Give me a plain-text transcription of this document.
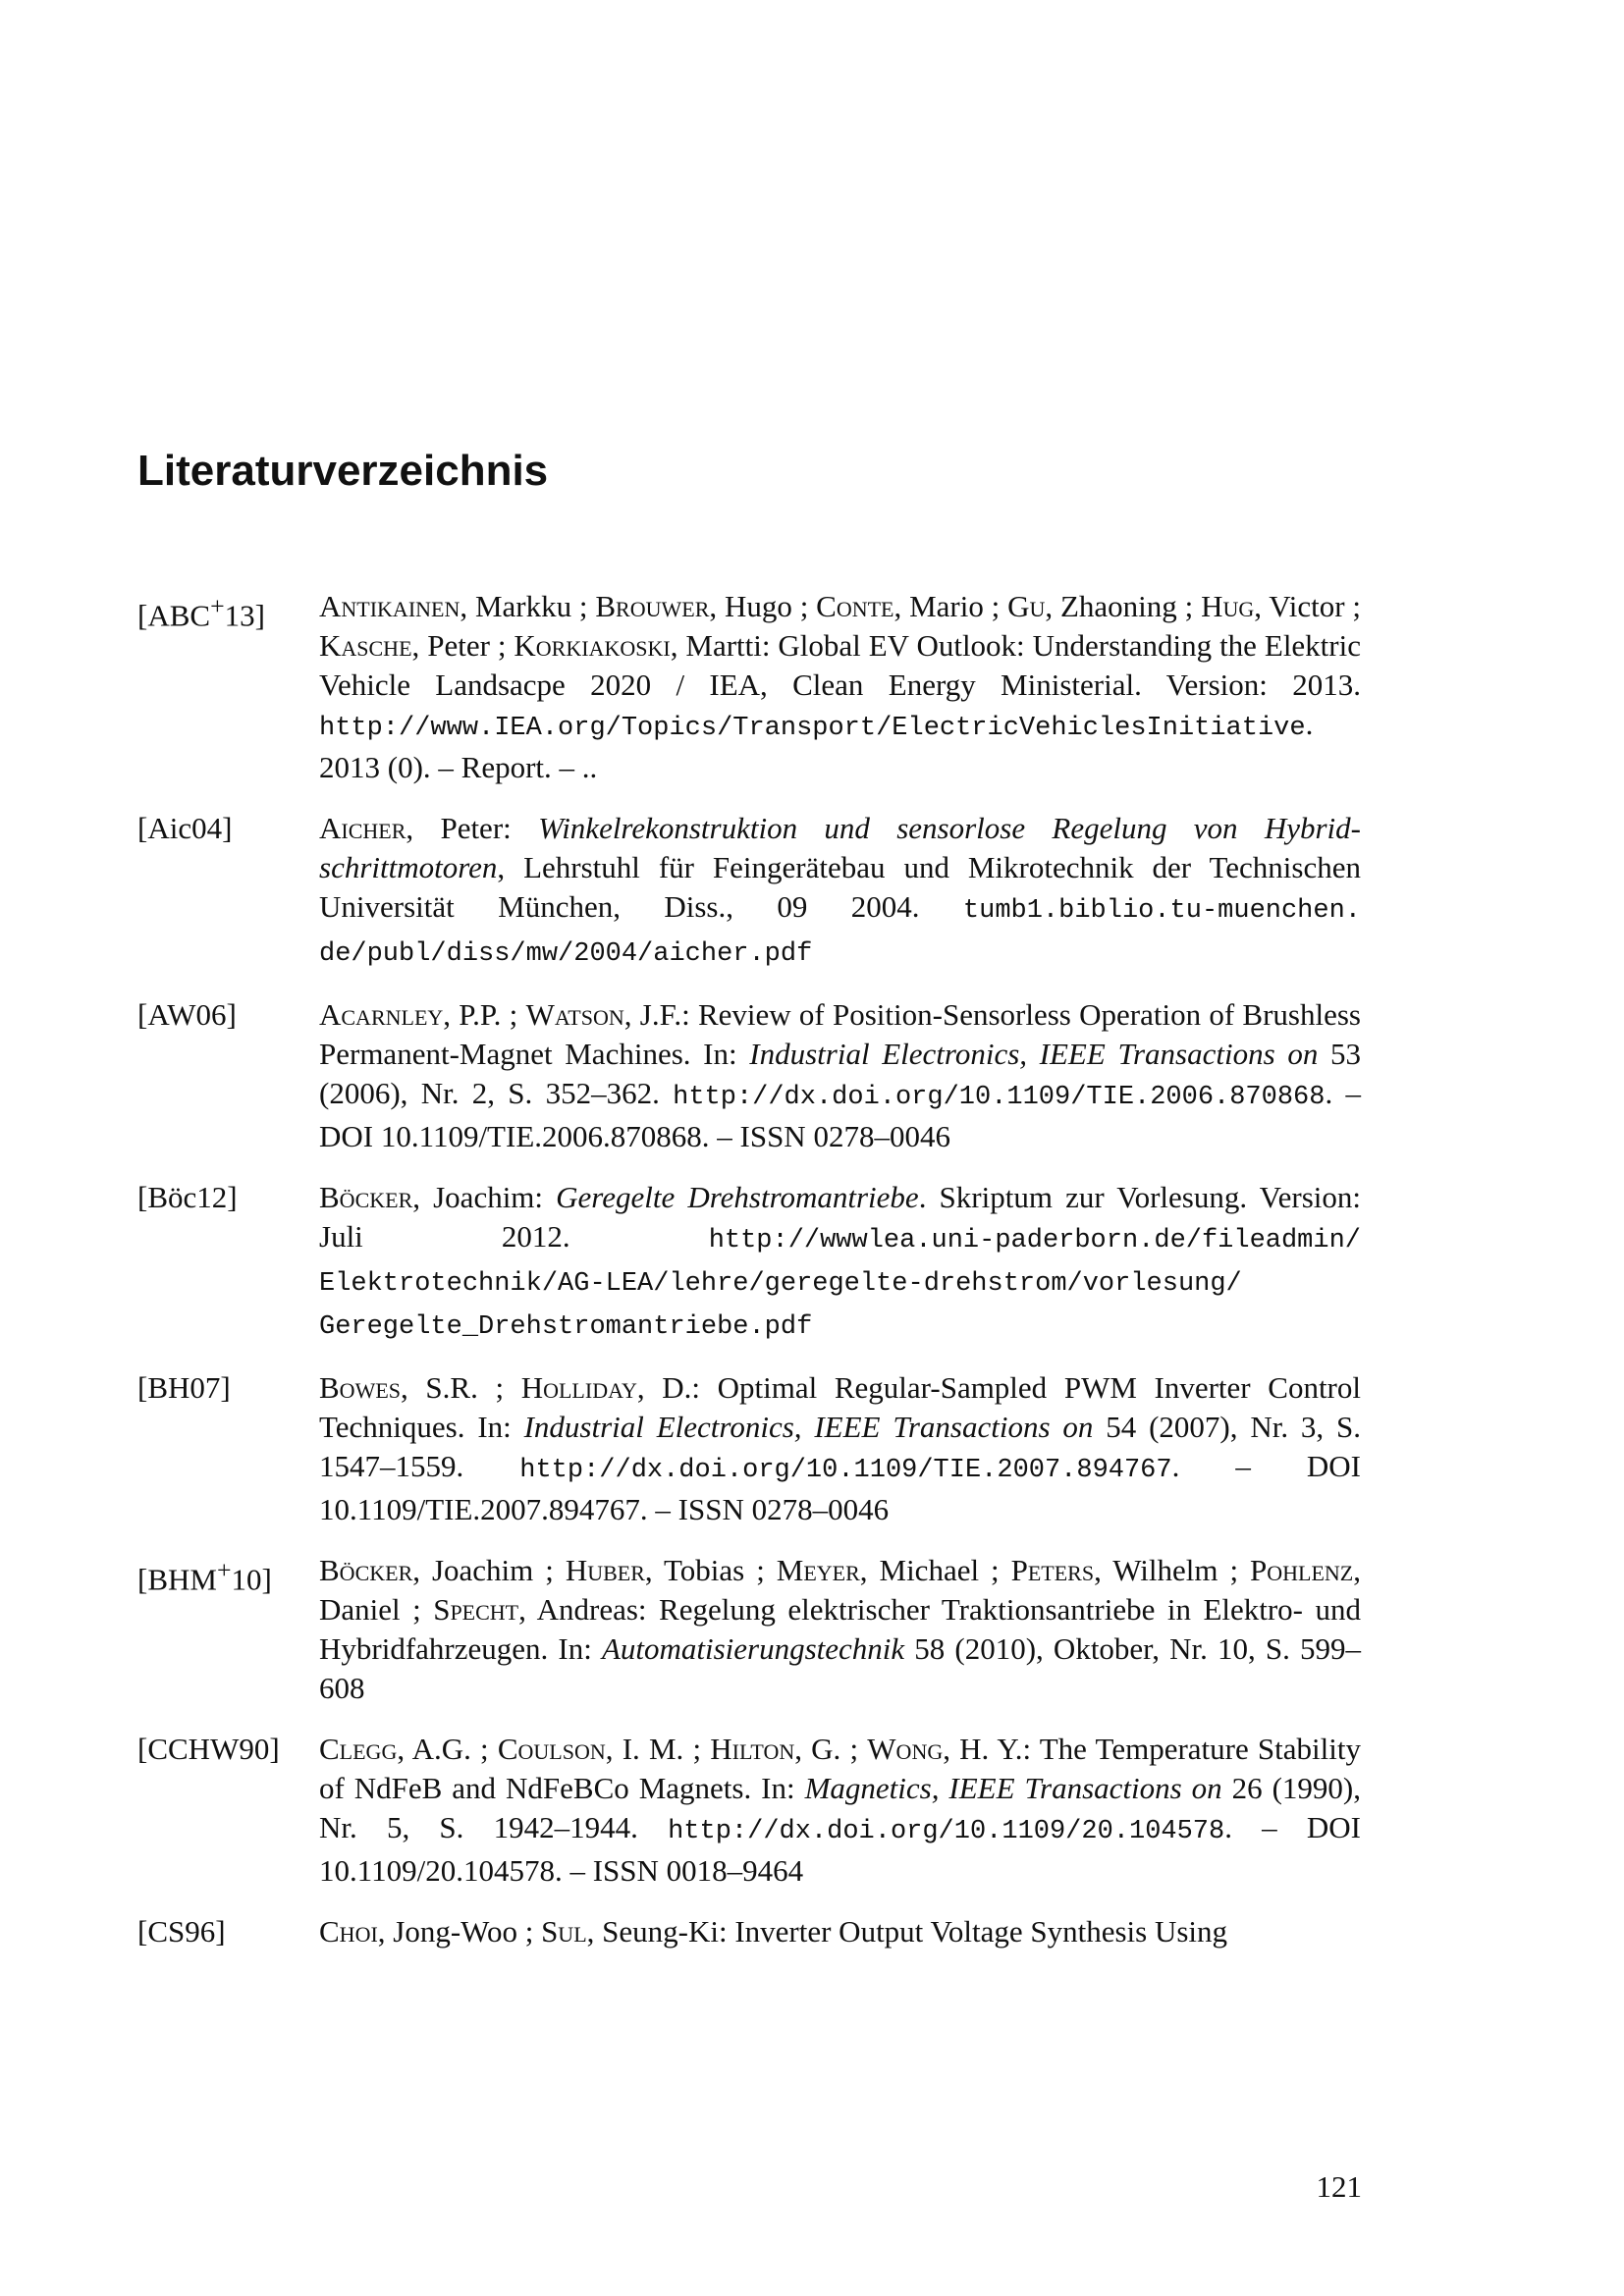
Literaturverzeichnis
[ABC+13] Antikainen, Markku ; Brouwer, Hugo ; Conte, Mario ; Gu, Zhaoning ; Hug, Victor ; Kasche, Peter ; Korkiakoski, Martti: Global EV Outlook: Understanding the Elektric Vehicle Landsacpe 2020 / IEA, Clean Energy Ministerial. Version: 2013. http://www.IEA.org/Topics/Transport/​ElectricVehiclesInitiative. 2013 (0). – Report. – ..
[Aic04]	Aicher, Peter: Winkelrekonstruktion und sensorlose Regelung von Hybridschrittmotoren, Lehrstuhl für Feingerätebau und Mikrotechnik der Technischen Universität München, Diss., 09 2004. tumb1.biblio.tu-muenchen.​de/publ/diss/mw/2004/aicher.pdf
[AW06]	Acarnley, P.P. ; Watson, J.F.: Review of Position-Sensorless Operation of Brushless Permanent-Magnet Machines. In: Industrial Electronics, IEEE Transactions on 53 (2006), Nr. 2, S. 352–362. http://dx.doi.org/10.​1109/TIE.2006.870868. – DOI 10.1109/TIE.2006.870868. – ISSN 0278–​0046
[Böc12]	Böcker, Joachim: Geregelte Drehstromantriebe. Skriptum zur Vorlesung. Version: Juli 2012. http://wwwlea.uni-paderborn.de/fileadmin/​Elektrotechnik/AG-LEA/lehre/geregelte-drehstrom/vorlesung/​Geregelte_Drehstromantriebe.pdf
[BH07]	Bowes, S.R. ; Holliday, D.: Optimal Regular-Sampled PWM Inverter Control Techniques. In: Industrial Electronics, IEEE Transactions on 54 (2007), Nr. 3, S. 1547–1559. http://dx.doi.org/10.1109/TIE.2007.​894767. – DOI 10.1109/TIE.2007.894767. – ISSN 0278–0046
[BHM+10] Böcker, Joachim ; Huber, Tobias ; Meyer, Michael ; Peters, Wilhelm ; Pohlenz, Daniel ; Specht, Andreas: Regelung elektrischer Traktionsantriebe in Elektro- und Hybridfahrzeugen. In: Automatisierungstechnik 58 (2010), Oktober, Nr. 10, S. 599–608
[CCHW90] Clegg, A.G. ; Coulson, I. M. ; Hilton, G. ; Wong, H. Y.: The Temperature Stability of NdFeB and NdFeBCo Magnets. In: Magnetics, IEEE Transactions on 26 (1990), Nr. 5, S. 1942–1944. http://dx.doi.org/10.​1109/20.104578. – DOI 10.1109/20.104578. – ISSN 0018–9464
[CS96]	Choi, Jong-Woo ; Sul, Seung-Ki: Inverter Output Voltage Synthesis Using
121
